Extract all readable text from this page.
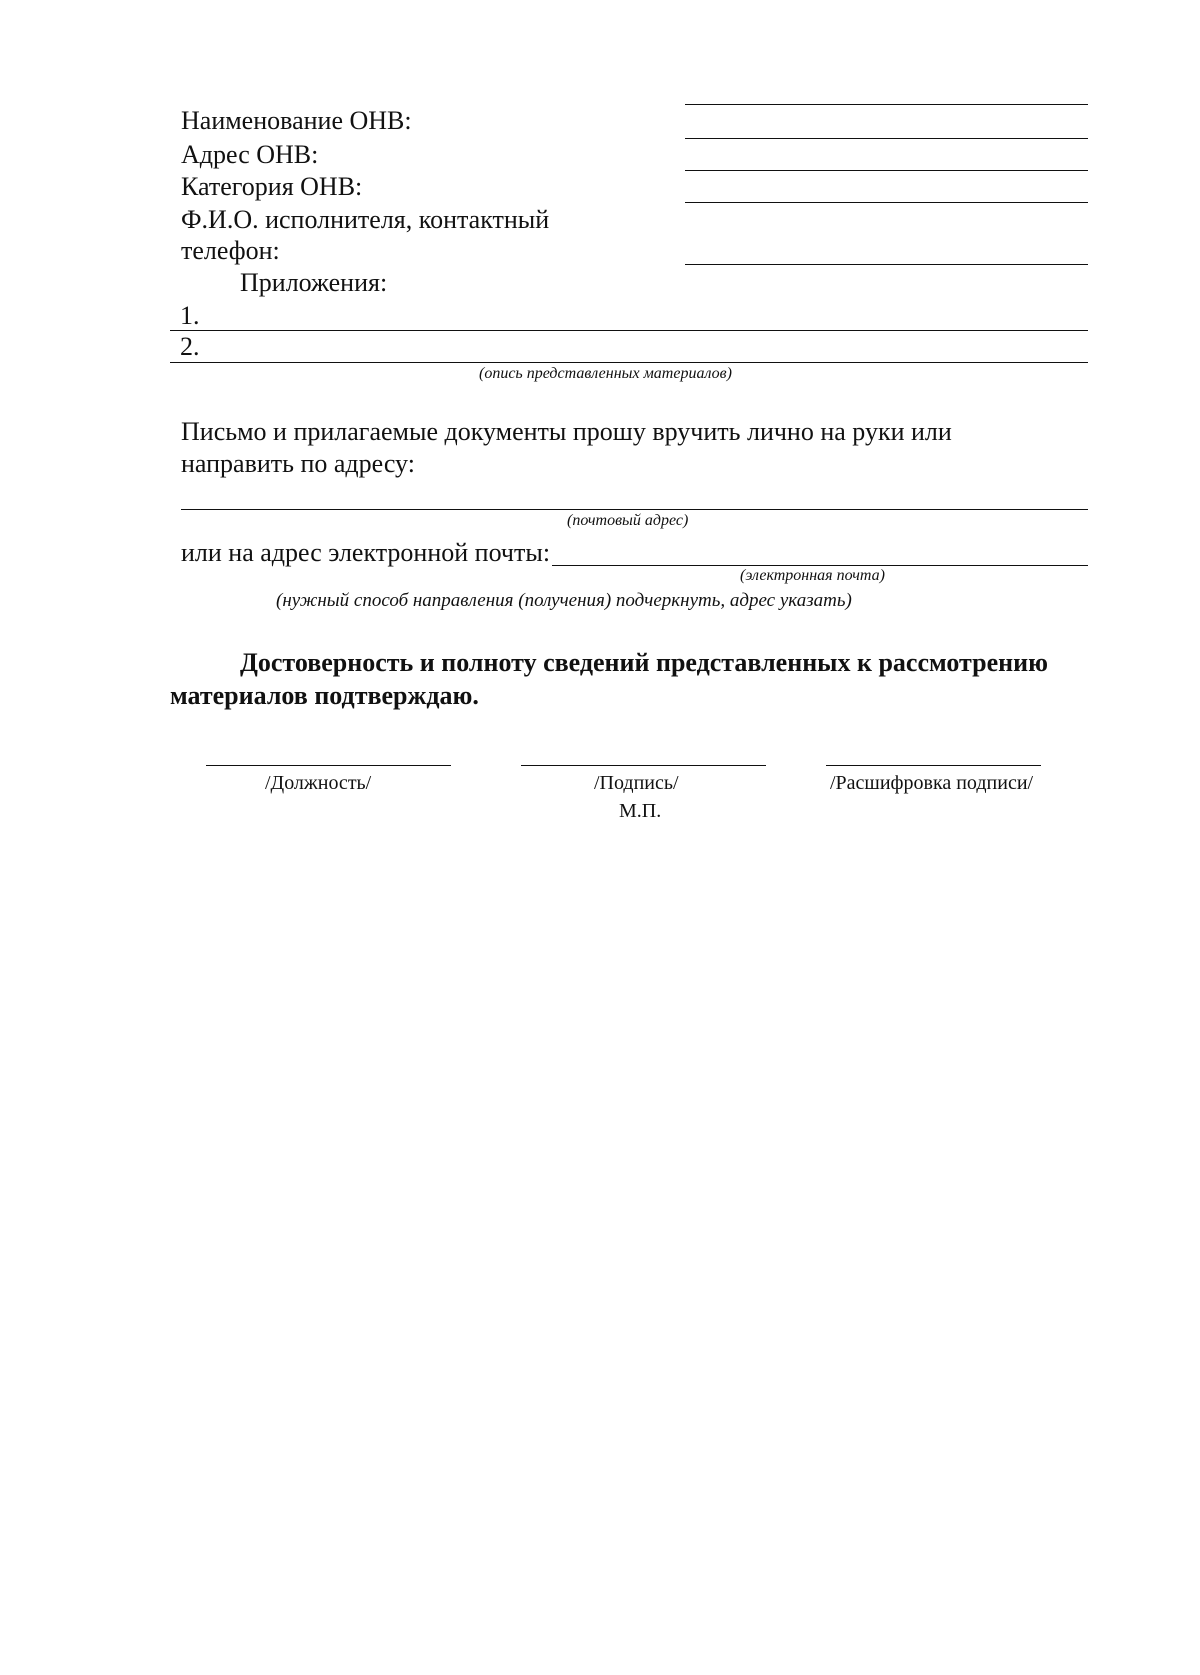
Наименование ОНВ:
Адрес ОНВ:
Категория ОНВ:
Ф.И.О. исполнителя, контактный
телефон:
Приложения:
1.
2.
(опись представленных материалов)
Письмо и прилагаемые документы прошу вручить лично на руки или
направить по адресу:
(почтовый адрес)
или на адрес электронной почты:
(электронная почта)
(нужный способ направления (получения) подчеркнуть, адрес указать)
Достоверность и полноту сведений представленных к рассмотрению
материалов подтверждаю.
/Должность/	/Подпись/
М.П.
/Расшифровка подписи/
